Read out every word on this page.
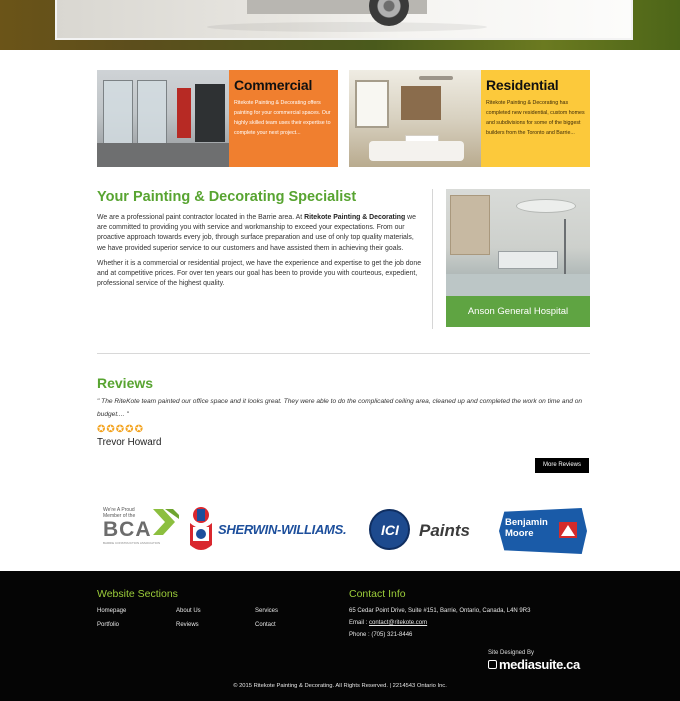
Commercial
Ritekote Painting & Decorating offers painting for your commercial spaces. Our highly skilled team uses their expertise to complete your next project...
Residential
Ritekote Painting & Decorating has completed new residential, custom homes and subdivisions for some of the biggest builders from the Toronto and Barrie...
Your Painting & Decorating Specialist

We are a professional paint contractor located in the Barrie area. At Ritekote Painting & Decorating we are committed to providing you with service and workmanship to exceed your expectations. From our proactive approach towards every job, through surface preparation and use of only top quality materials, we have provided superior service to our customers and have assisted them in achieving their goals.

Whether it is a commercial or residential project, we have the experience and expertise to get the job done and at competitive prices. For over ten years our goal has been to provide you with courteous, expedient, professional service of the highest quality.

Anson General Hospital
Reviews
" The RiteKote team painted our office space and it looks great. They were able to do the complicated ceiling area, cleaned up and completed the work on time and on budget.... "
✪ ✪ ✪ ✪ ✪
Trevor Howard
More Reviews
We're A Proud
Member of the
BCA
BARRIE CONSTRUCTION ASSOCIATION
SHERWIN-WILLIAMS.	ICI Paints	Benjamin
Moore
Website Sections
Homepage
Portfolio
About Us
Reviews
Services
Contact
Contact Info
65 Cedar Point Drive, Suite #151, Barrie, Ontario, Canada, L4N 9R3
Email : contact@ritekote.com
Phone : (705) 321-8446
Site Designed By
mediasuite.ca
© 2015 Ritekote Painting & Decorating. All Rights Reserved. | 2214543 Ontario Inc.
